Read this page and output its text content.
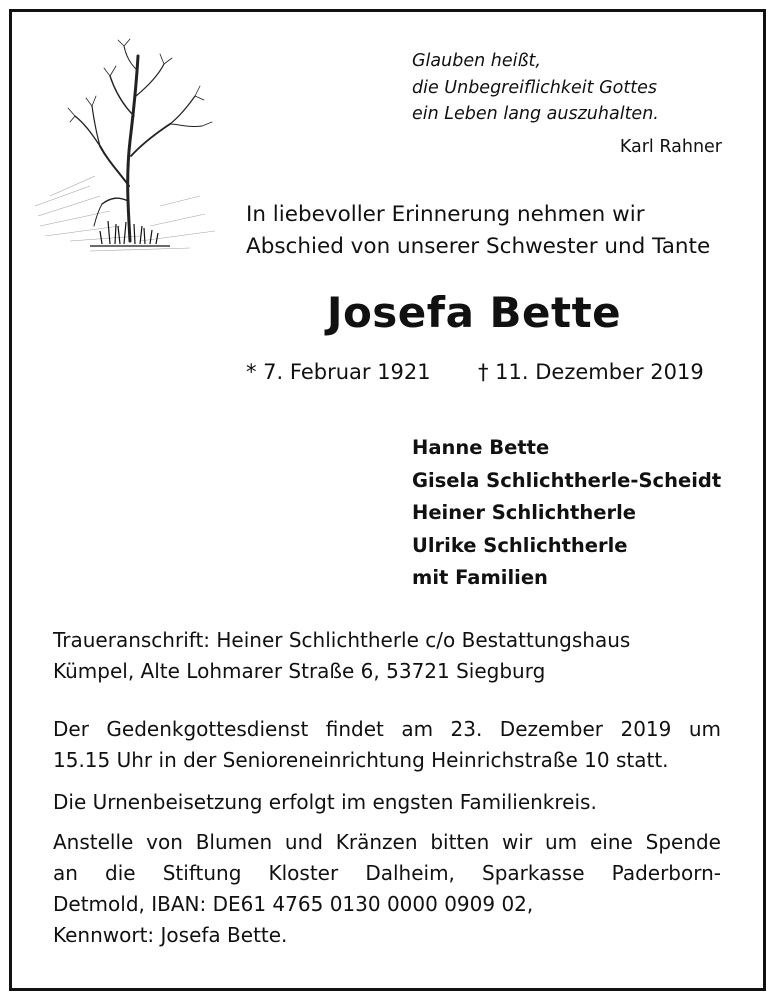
Glauben heißt,
die Unbegreiflichkeit Gottes
ein Leben lang auszuhalten.
Karl Rahner
In liebevoller Erinnerung nehmen wir
Abschied von unserer Schwester und Tante
Josefa Bette
* 7. Februar 1921 † 11. Dezember 2019
Hanne Bette
Gisela Schlichtherle-Scheidt
Heiner Schlichtherle
Ulrike Schlichtherle
mit Familien
Traueranschrift: Heiner Schlichtherle c/o Bestattungshaus
Kümpel, Alte Lohmarer Straße 6, 53721 Siegburg
Der Gedenkgottesdienst findet am 23. Dezember 2019 um
15.15 Uhr in der Senioreneinrichtung Heinrichstraße 10 statt.
Die Urnenbeisetzung erfolgt im engsten Familienkreis.
Anstelle von Blumen und Kränzen bitten wir um eine Spende
an die Stiftung Kloster Dalheim, Sparkasse Paderborn-
Detmold, IBAN: DE61 4765 0130 0000 0909 02,
Kennwort: Josefa Bette.
